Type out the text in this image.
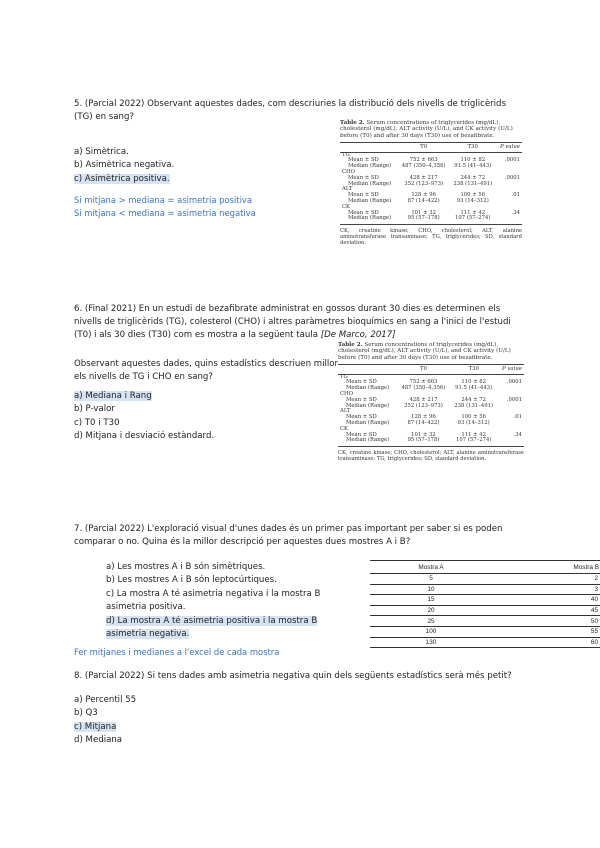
5. (Parcial 2022) Observant aquestes dades, com descriuries la distribució dels nivells de triglicèrids (TG) en sang?
a) Simètrica.
b) Asimètrica negativa.
c) Asimètrica positiva.
Si mitjana > mediana = asimetria positiva
Si mitjana < mediana = asimetria negativa
Table 2. Serum concentrations of triglycerides (mg/dL), cholesterol (mg/dL), ALT activity (U/L), and CK activity (U/L) before (T0) and after 30 days (T30) use of bezafibrate.
	T0	T30	P value
TG			
Mean ± SD	752 ± 663	110 ± 82	.0001
Median (Range)	487 (350–4,356)	91.5 (41–443)	
CHO			
Mean ± SD	428 ± 217	244 ± 72	.0001
Median (Range)	352 (123–973)	238 (131–491)	
ALT			
Mean ± SD	128 ± 96	100 ± 56	.01
Median (Range)	87 (14–422)	93 (14–312)	
CK			
Mean ± SD	101 ± 32	111 ± 42	.34
Median (Range)	95 (57–178)	107 (57–274)	
CK, creatine kinase; CHO, cholesterol; ALT, alanine aminotransferase transaminase; TG, triglycerides; SD, standard deviation.
6. (Final 2021) En un estudi de bezafibrate administrat en gossos durant 30 dies es determinen els nivells de triglicèrids (TG), colesterol (CHO) i altres paràmetres bioquímics en sang a l'inici de l'estudi (T0) i als 30 dies (T30) com es mostra a la següent taula [De Marco, 2017]
Observant aquestes dades, quins estadístics descriuen millor els nivells de TG i CHO en sang?
a) Mediana i Rang
b) P-valor
c) T0 i T30
d) Mitjana i desviació estàndard.
Table 2. Serum concentrations of triglycerides (mg/dL), cholesterol (mg/dL), ALT activity (U/L), and CK activity (U/L) before (T0) and after 30 days (T30) use of bezafibrate.
	T0	T30	P value
TG			
Mean ± SD	752 ± 663	110 ± 82	.0001
Median (Range)	487 (350–4,356)	91.5 (41–443)	
CHO			
Mean ± SD	428 ± 217	244 ± 72	.0001
Median (Range)	352 (123–973)	238 (131–491)	
ALT			
Mean ± SD	128 ± 96	100 ± 56	.01
Median (Range)	87 (14–422)	93 (14–312)	
CK			
Mean ± SD	101 ± 32	111 ± 42	.34
Median (Range)	95 (57–178)	107 (57–274)	
CK, creatine kinase; CHO, cholesterol; ALT, alanine aminotransferase transaminase; TG, triglycerides; SD, standard deviation.
7. (Parcial 2022) L'exploració visual d'unes dades és un primer pas important per saber si es poden comparar o no. Quina és la millor descripció per aquestes dues mostres A i B?
a) Les mostres A i B són simètriques.
b) Les mostres A i B són leptocúrtiques.
c) La mostra A té asimetria negativa i la mostra B asimetria positiva.
d) La mostra A té asimetria positiva i la mostra B asimetria negativa.
Fer mitjanes i medianes a l'excel de cada mostra
Mostra A	Mostra B
5	2
10	3
15	40
20	45
25	50
100	55
130	60
8. (Parcial 2022) Si tens dades amb asimetria negativa quin dels següents estadístics serà més petit?
a) Percentil 55
b) Q3
c) Mitjana
d) Mediana
